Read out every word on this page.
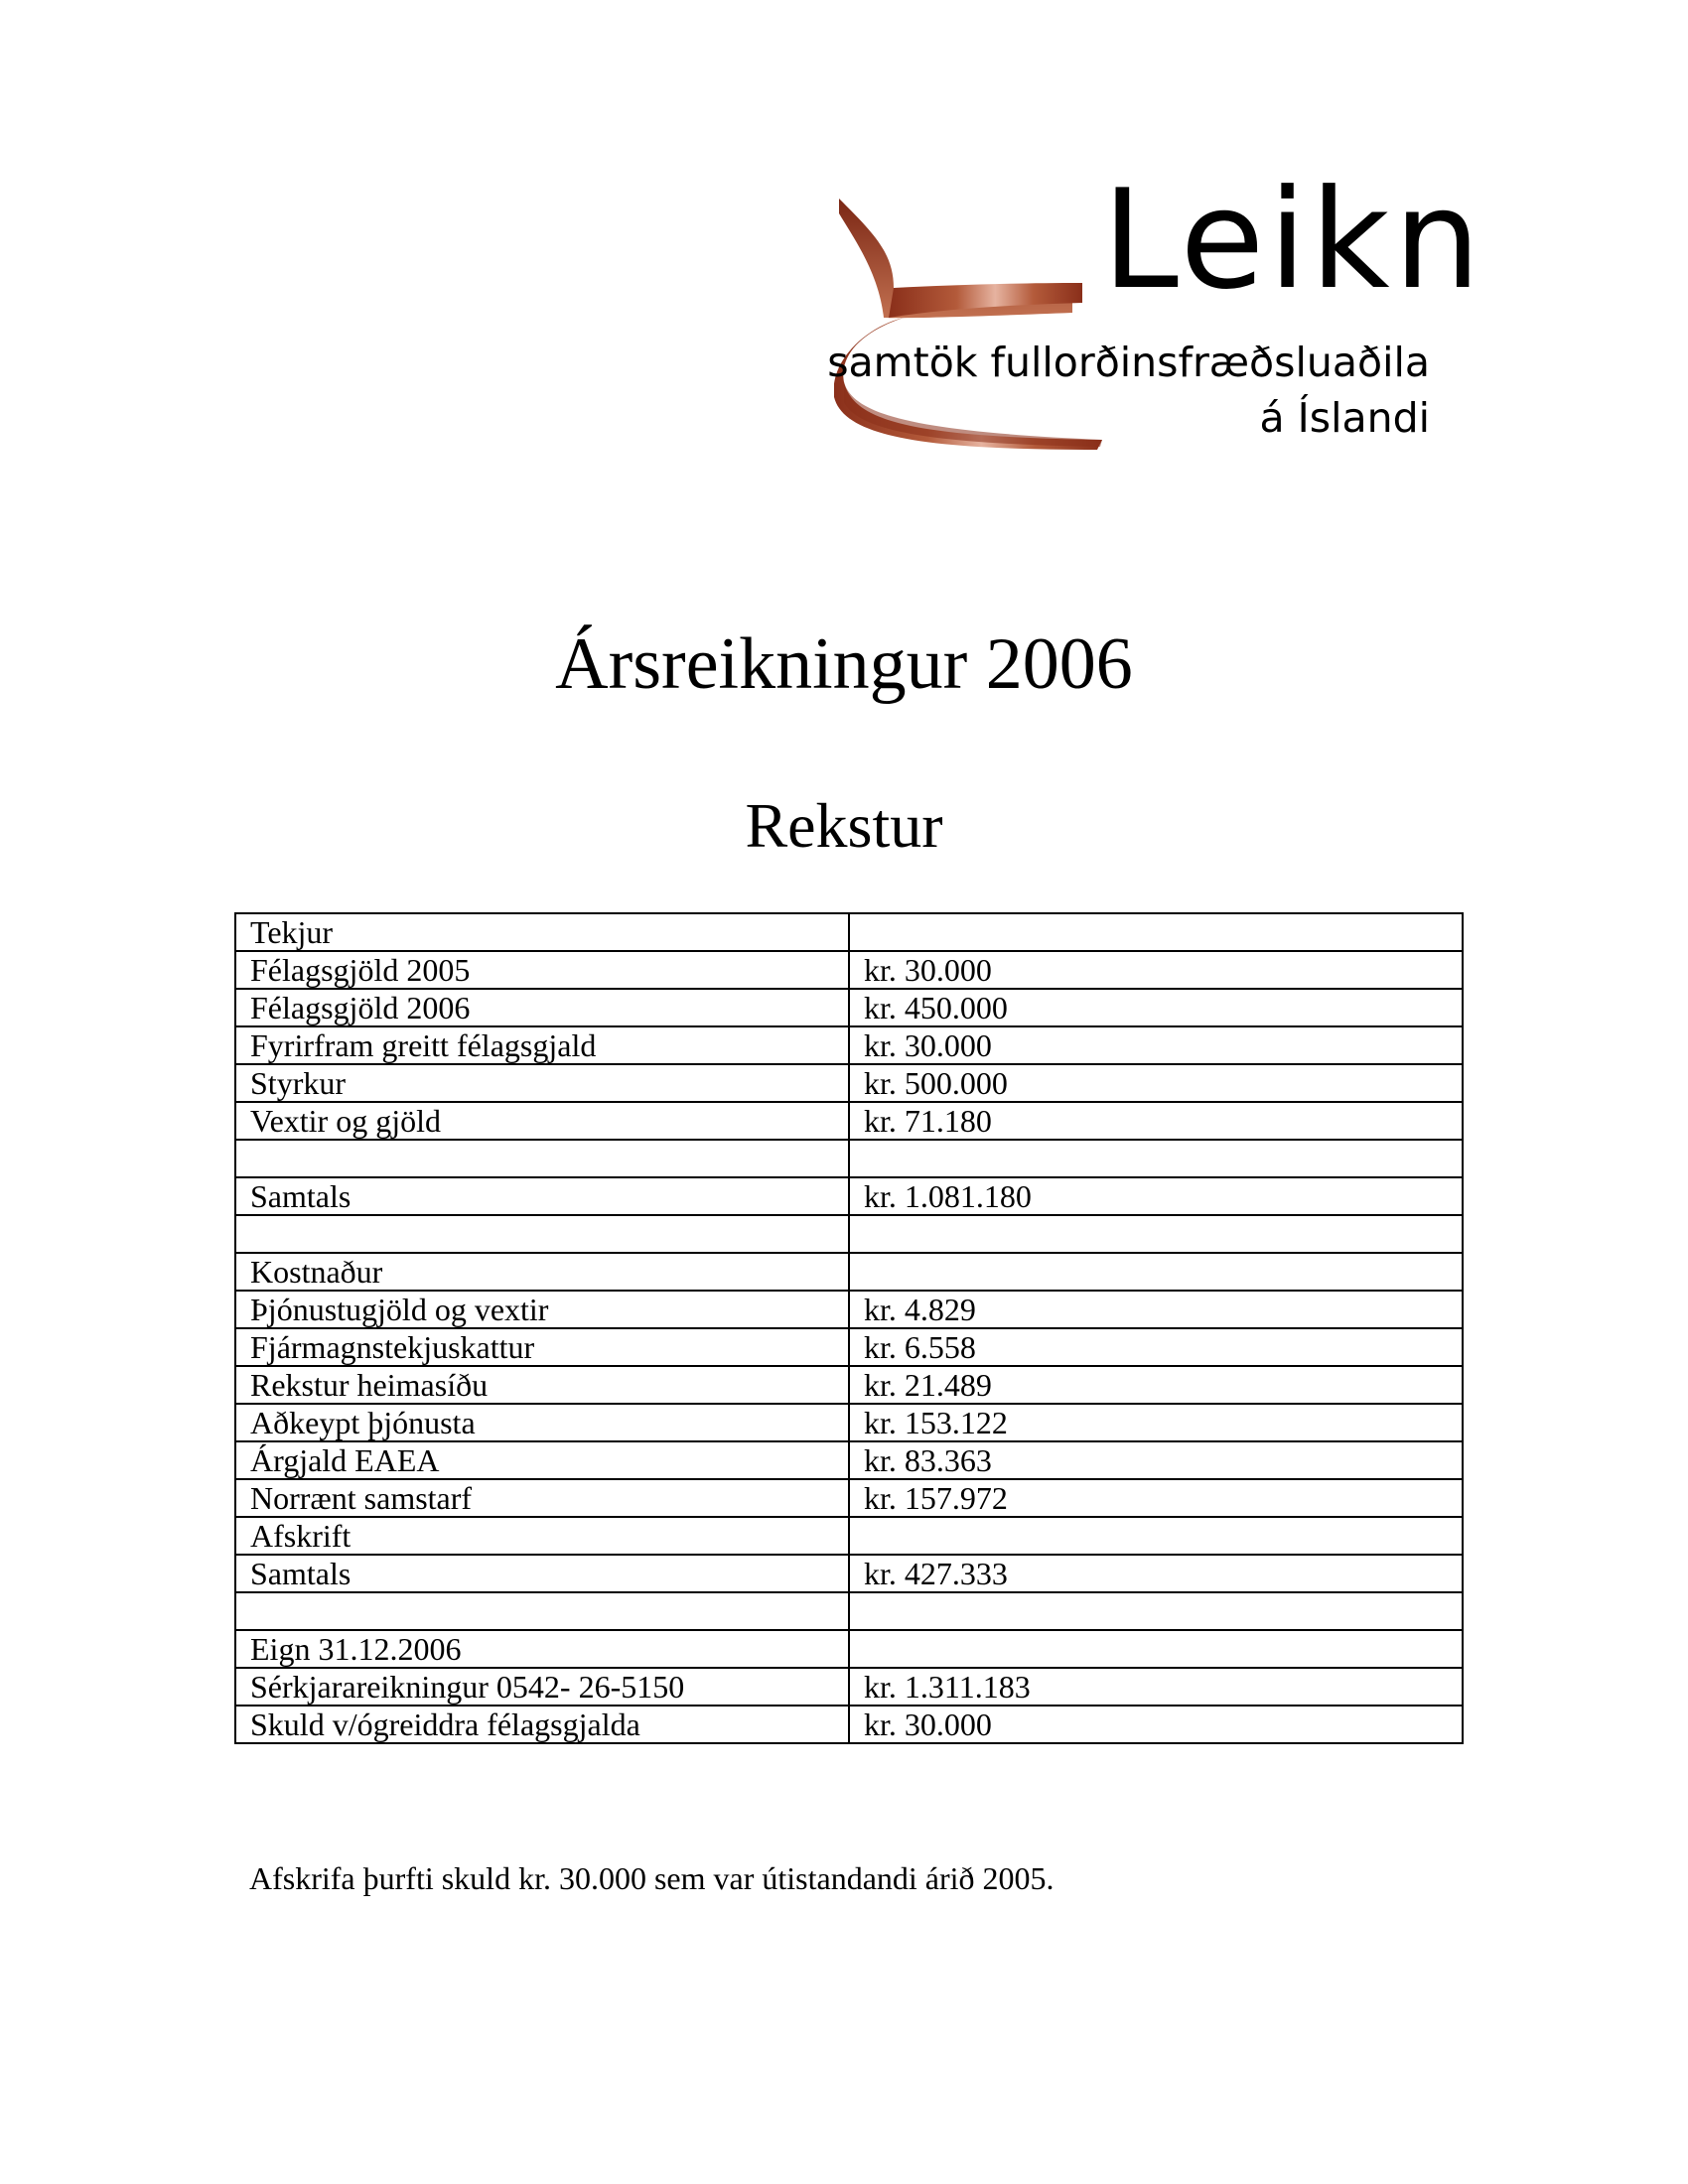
Leikn
samtök fullorðinsfræðsluaðila
á Íslandi
Ársreikningur 2006
Rekstur
Tekjur	
Félagsgjöld 2005	kr. 30.000
Félagsgjöld 2006	kr. 450.000
Fyrirfram greitt félagsgjald	kr. 30.000
Styrkur	kr. 500.000
Vextir og gjöld	kr. 71.180

Samtals	kr. 1.081.180

Kostnaður	
Þjónustugjöld og vextir	kr. 4.829
Fjármagnstekjuskattur	kr. 6.558
Rekstur heimasíðu	kr. 21.489
Aðkeypt þjónusta	kr. 153.122
Árgjald EAEA	kr. 83.363
Norrænt samstarf	kr. 157.972
Afskrift	
Samtals	kr. 427.333

Eign 31.12.2006	
Sérkjarareikningur 0542- 26-5150	kr. 1.311.183
Skuld v/ógreiddra félagsgjalda	kr. 30.000

Afskrifa þurfti skuld kr. 30.000 sem var útistandandi árið 2005.
